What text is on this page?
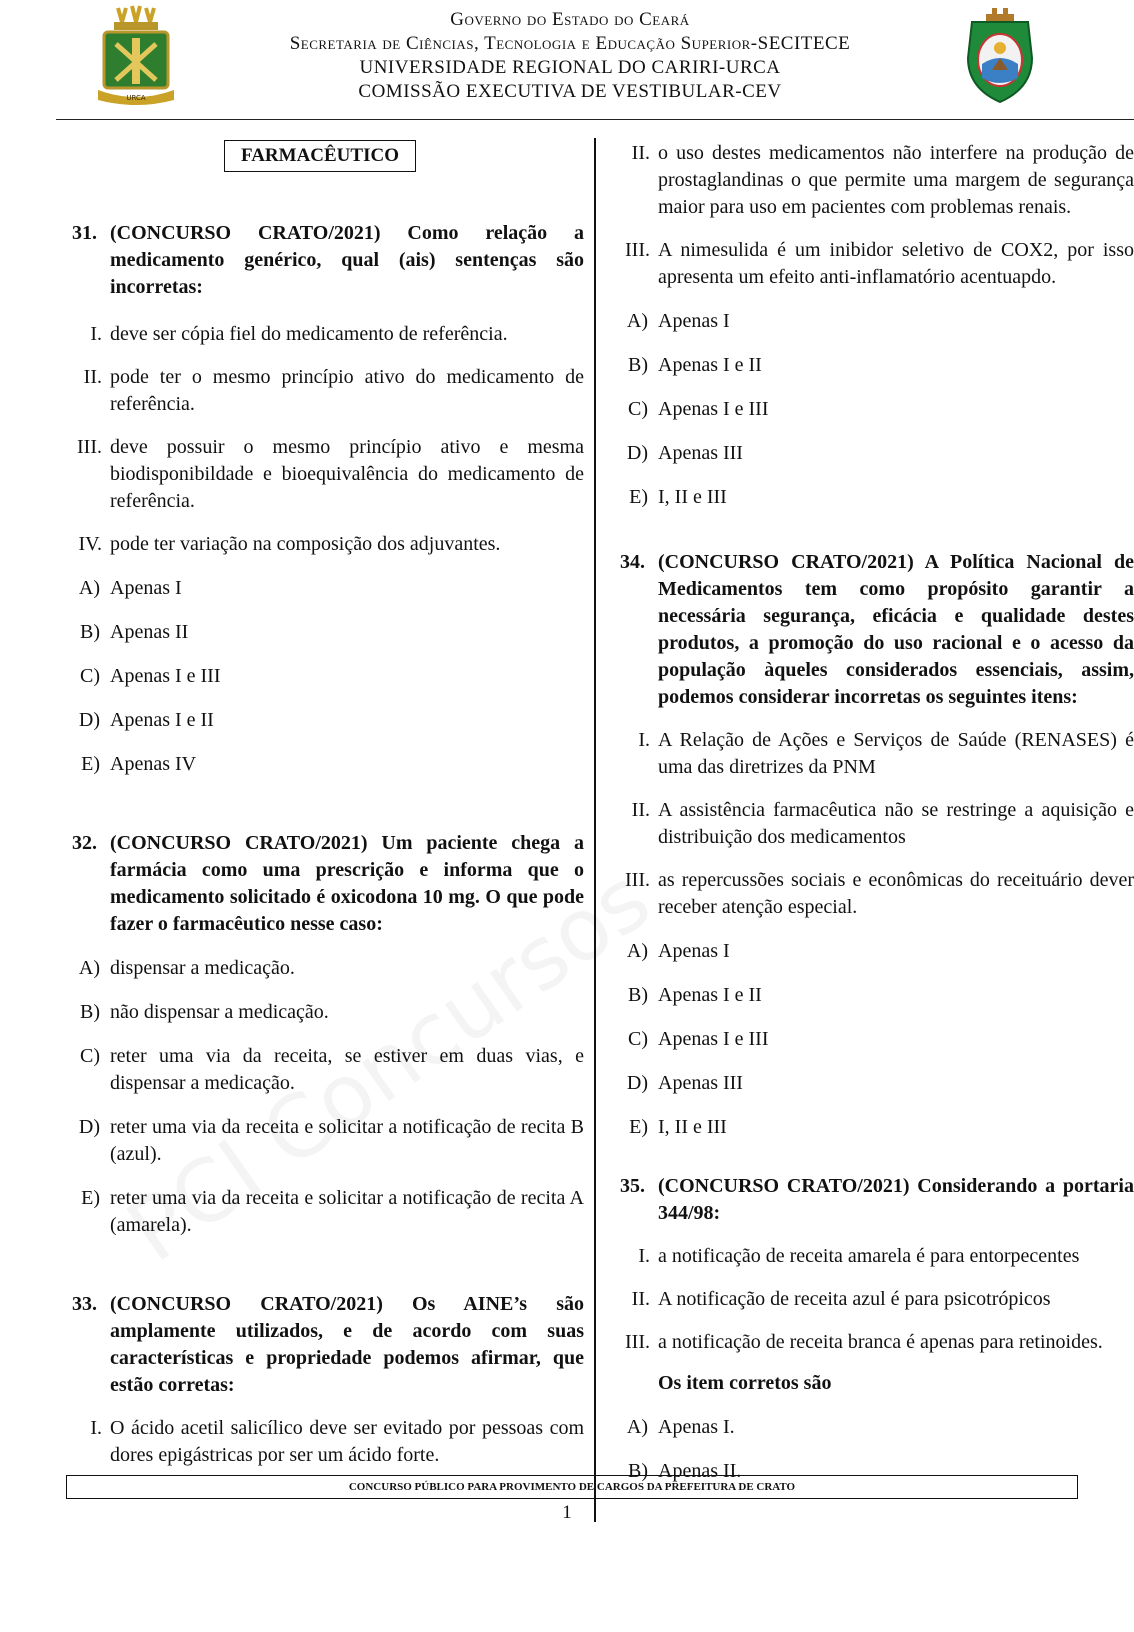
URCA
Governo do Estado do Ceará
Secretaria de Ciências, Tecnologia e Educação Superior-SECITECE
UNIVERSIDADE REGIONAL DO CARIRI-URCA
COMISSÃO EXECUTIVA DE VESTIBULAR-CEV
FARMACÊUTICO
31. (CONCURSO CRATO/2021) Como relação a medicamento genérico, qual (ais) sentenças são incorretas:
I. deve ser cópia fiel do medicamento de referência.
II. pode ter o mesmo princípio ativo do medicamento de referência.
III. deve possuir o mesmo princípio ativo e mesma biodisponibildade e bioequivalência do medicamento de referência.
IV. pode ter variação na composição dos adjuvantes.
A) Apenas I
B) Apenas II
C) Apenas I e III
D) Apenas I e II
E) Apenas IV
32. (CONCURSO CRATO/2021) Um paciente chega a farmácia como uma prescrição e informa que o medicamento solicitado é oxicodona 10 mg. O que pode fazer o farmacêutico nesse caso:
A) dispensar a medicação.
B) não dispensar a medicação.
C) reter uma via da receita, se estiver em duas vias, e dispensar a medicação.
D) reter uma via da receita e solicitar a notificação de recita B (azul).
E) reter uma via da receita e solicitar a notificação de recita A (amarela).
33. (CONCURSO CRATO/2021) Os AINE’s são amplamente utilizados, e de acordo com suas características e propriedade podemos afirmar, que estão corretas:
I. O ácido acetil salicílico deve ser evitado por pessoas com dores epigástricas por ser um ácido forte.
II. o uso destes medicamentos não interfere na produção de prostaglandinas o que permite uma margem de segurança maior para uso em pacientes com problemas renais.
III. A nimesulida é um inibidor seletivo de COX2, por isso apresenta um efeito anti-inflamatório acentuapdo.
A) Apenas I
B) Apenas I e II
C) Apenas I e III
D) Apenas III
E) I, II e III
34. (CONCURSO CRATO/2021) A Política Nacional de Medicamentos tem como propósito garantir a necessária segurança, eficácia e qualidade destes produtos, a promoção do uso racional e o acesso da população àqueles considerados essenciais, assim, podemos considerar incorretas os seguintes itens:
I. A Relação de Ações e Serviços de Saúde (RENASES) é uma das diretrizes da PNM
II. A assistência farmacêutica não se restringe a aquisição e distribuição dos medicamentos
III. as repercussões sociais e econômicas do receituário dever receber atenção especial.
A) Apenas I
B) Apenas I e II
C) Apenas I e III
D) Apenas III
E) I, II e III
35. (CONCURSO CRATO/2021) Considerando a portaria 344/98:
I. a notificação de receita amarela é para entorpecentes
II. A notificação de receita azul é para psicotrópicos
III. a notificação de receita branca é apenas para retinoides.
Os item corretos são
A) Apenas I.
B) Apenas II.
CONCURSO PÚBLICO PARA PROVIMENTO DE CARGOS DA PREFEITURA DE CRATO
1
